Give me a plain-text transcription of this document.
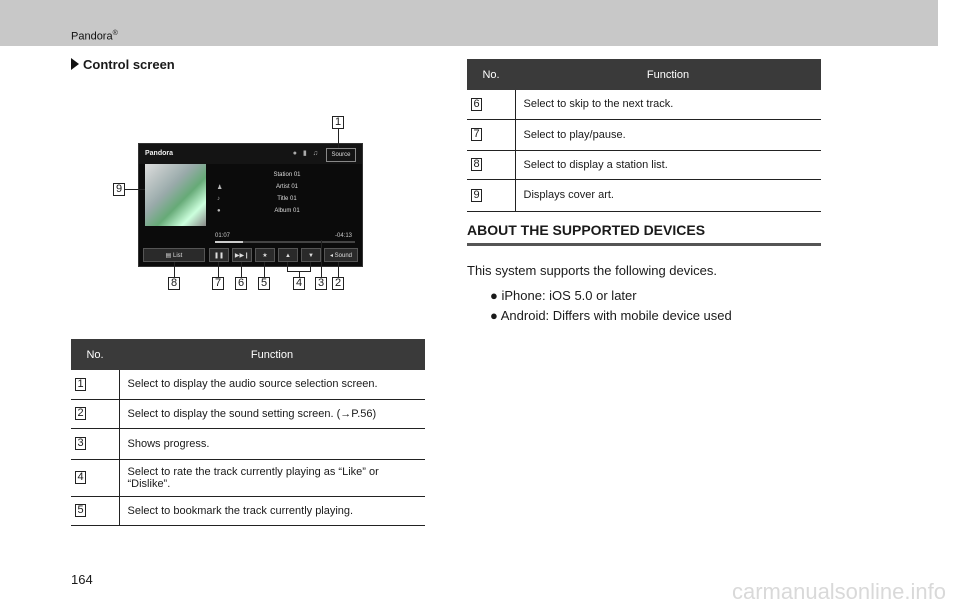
Pandora®
Control screen
Pandora	● ▮ ♫	Source
Station 01
♟	Artist 01
♪	Title 01
●	Album 01
01:07	-04:13
▤ List	❚❚	▶▶❙	★	▲	▼	◂ Sound
1
9
8	7 6 5	4 3 2
No.	Function
1	Select to display the audio source selection screen.
2	Select to display the sound setting screen. (→P.56)
3	Shows progress.
4	Select to rate the track currently playing as “Like” or “Dislike”.
5	Select to bookmark the track currently playing.
No.	Function
6	Select to skip to the next track.
7	Select to play/pause.
8	Select to display a station list.
9	Displays cover art.
ABOUT THE SUPPORTED DEVICES
This system supports the following devices.
● iPhone: iOS 5.0 or later
● Android: Differs with mobile device used
164	carmanualsonline.info
